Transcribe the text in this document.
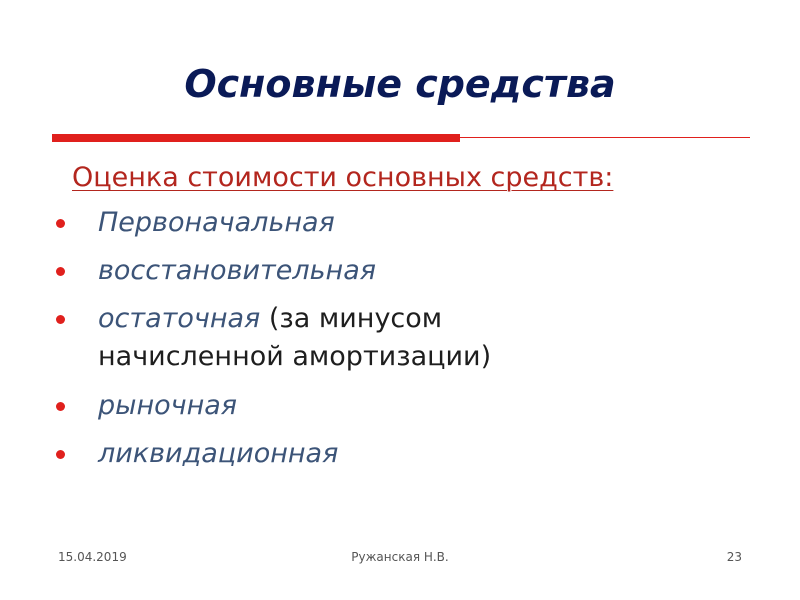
Основные средства

Оценка стоимости основных средств:

Первоначальная
восстановительная
остаточная (за минусом
начисленной амортизации)
рыночная
ликвидационная
15.04.2019	Ружанская Н.В.	23
